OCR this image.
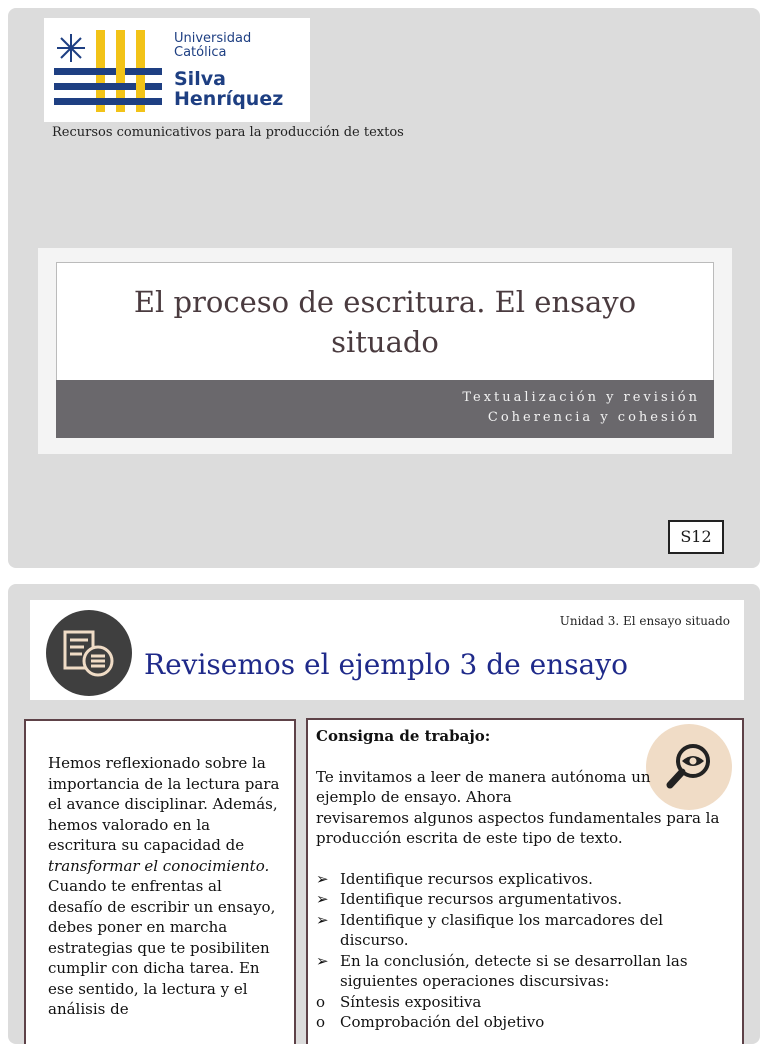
Universidad
Católica
Silva
Henríquez
Recursos comunicativos para la producción de textos
El proceso de escritura. El ensayo situado
Textualización y revisión
Coherencia y cohesión
S12
Unidad 3. El ensayo situado
Revisemos el ejemplo 3 de ensayo
Hemos reflexionado sobre la importancia de la lectura para el avance disciplinar. Además, hemos valorado en la escritura su capacidad de transformar el conocimiento. Cuando te enfrentas al desafío de escribir un ensayo, debes poner en marcha estrategias que te posibiliten cumplir con dicha tarea. En ese sentido, la lectura y el análisis de
Consigna de trabajo:
Te invitamos a leer de manera autónoma un ejemplo de ensayo. Ahora
revisaremos algunos aspectos fundamentales para la producción escrita de este tipo de texto.
➢ Identifique recursos explicativos.
➢ Identifique recursos argumentativos.
➢ Identifique y clasifique los marcadores del discurso.
➢ En la conclusión, detecte si se desarrollan las siguientes operaciones discursivas:
o Síntesis expositiva
o Comprobación del objetivo
